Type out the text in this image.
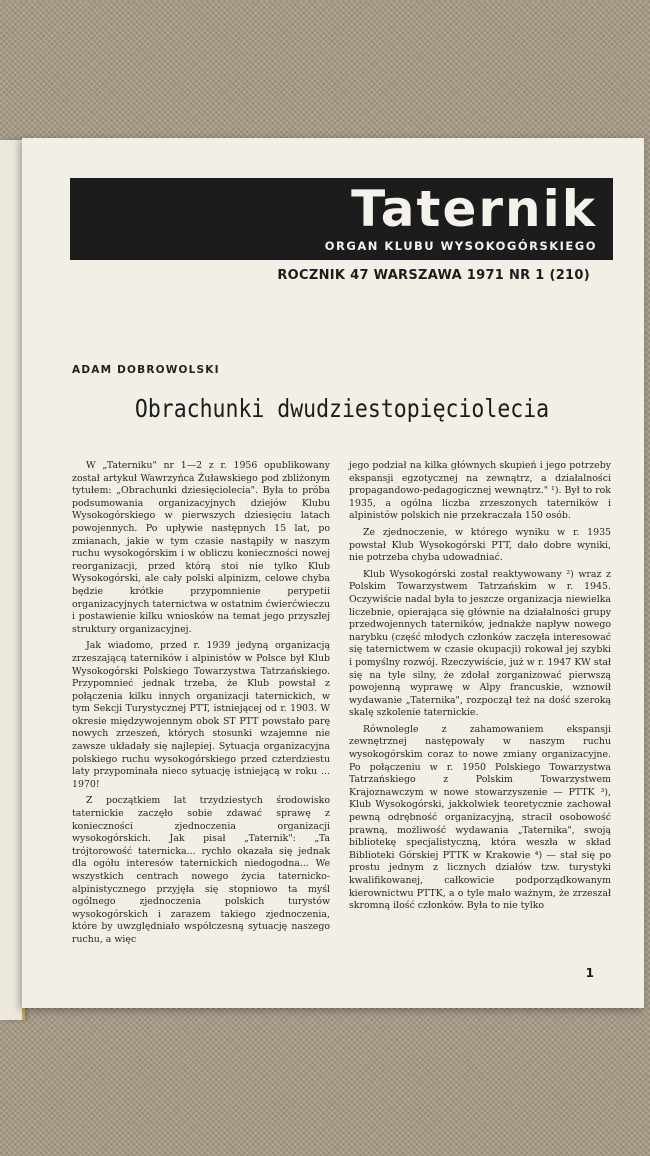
Taternik
ORGAN KLUBU WYSOKOGÓRSKIEGO
ROCZNIK 47 WARSZAWA 1971 NR 1 (210)
ADAM DOBROWOLSKI
Obrachunki dwudziestopięciolecia

W „Taterniku" nr 1—2 z r. 1956 opublikowany został artykuł Wawrzyńca Żuławskiego pod zbliżonym tytułem: „Obrachunki dziesięciolecia". Była to próba podsumowania organizacyjnych dziejów Klubu Wysokogórskiego w pierwszych dziesięciu latach powojennych. Po upływie następnych 15 lat, po zmianach, jakie w tym czasie nastąpiły w naszym ruchu wysokogórskim i w obliczu konieczności nowej reorganizacji, przed którą stoi nie tylko Klub Wysokogórski, ale cały polski alpinizm, celowe chyba będzie krótkie przypomnienie perypetii organizacyjnych taternictwa w ostatnim ćwierćwieczu i postawienie kilku wniosków na temat jego przyszłej struktury organizacyjnej.

Jak wiadomo, przed r. 1939 jedyną organizacją zrzeszającą taterników i alpinistów w Polsce był Klub Wysokogórski Polskiego Towarzystwa Tatrzańskiego. Przypomnieć jednak trzeba, że Klub powstał z połączenia kilku innych organizacji taternickich, w tym Sekcji Turystycznej PTT, istniejącej od r. 1903. W okresie międzywojennym obok ST PTT powstało parę nowych zrzeszeń, których stosunki wzajemne nie zawsze układały się najlepiej. Sytuacja organizacyjna polskiego ruchu wysokogórskiego przed czterdziestu laty przypominała nieco sytuację istniejącą w roku ... 1970!

Z początkiem lat trzydziestych środowisko taternickie zaczęło sobie zdawać sprawę z konieczności zjednoczenia organizacji wysokogórskich. Jak pisał „Taternik": „Ta trójtorowość taternicka... rychło okazała się jednak dla ogółu interesów taternickich niedogodna... We wszystkich centrach nowego życia taternicko-alpinistycznego przyjęła się stopniowo ta myśl ogólnego zjednoczenia polskich turystów wysokogórskich i zarazem takiego zjednoczenia, które by uwzględniało współczesną sytuację naszego ruchu, a więc

jego podział na kilka głównych skupień i jego potrzeby ekspansji egzotycznej na zewnątrz, a działalności propagandowo-pedagogicznej wewnątrz." ¹). Był to rok 1935, a ogólna liczba zrzeszonych taterników i alpinistów polskich nie przekraczała 150 osób.

Ze zjednoczenie, w którego wyniku w r. 1935 powstał Klub Wysokogórski PTT, dało dobre wyniki, nie potrzeba chyba udowadniać.

Klub Wysokogórski został reaktywowany ²) wraz z Polskim Towarzystwem Tatrzańskim w r. 1945. Oczywiście nadal była to jeszcze organizacja niewielka liczebnie, opierająca się głównie na działalności grupy przedwojennych taterników, jednakże napływ nowego narybku (część młodych członków zaczęła interesować się taternictwem w czasie okupacji) rokował jej szybki i pomyślny rozwój. Rzeczywiście, już w r. 1947 KW stał się na tyle silny, że zdołał zorganizować pierwszą powojenną wyprawę w Alpy francuskie, wznowił wydawanie „Taternika", rozpoczął też na dość szeroką skalę szkolenie taternickie.

Równolegle z zahamowaniem ekspansji zewnętrznej następowały w naszym ruchu wysokogórskim coraz to nowe zmiany organizacyjne. Po połączeniu w r. 1950 Polskiego Towarzystwa Tatrzańskiego z Polskim Towarzystwem Krajoznawczym w nowe stowarzyszenie — PTTK ³), Klub Wysokogórski, jakkolwiek teoretycznie zachował pewną odrębność organizacyjną, stracił osobowość prawną, możliwość wydawania „Taternika", swoją bibliotekę specjalistyczną, która weszła w skład Biblioteki Górskiej PTTK w Krakowie ⁴) — stał się po prostu jednym z licznych działów tzw. turystyki kwalifikowanej, całkowicie podporządkowanym kierownictwu PTTK, a o tyle mało ważnym, że zrzeszał skromną ilość członków. Była to nie tylko

1
